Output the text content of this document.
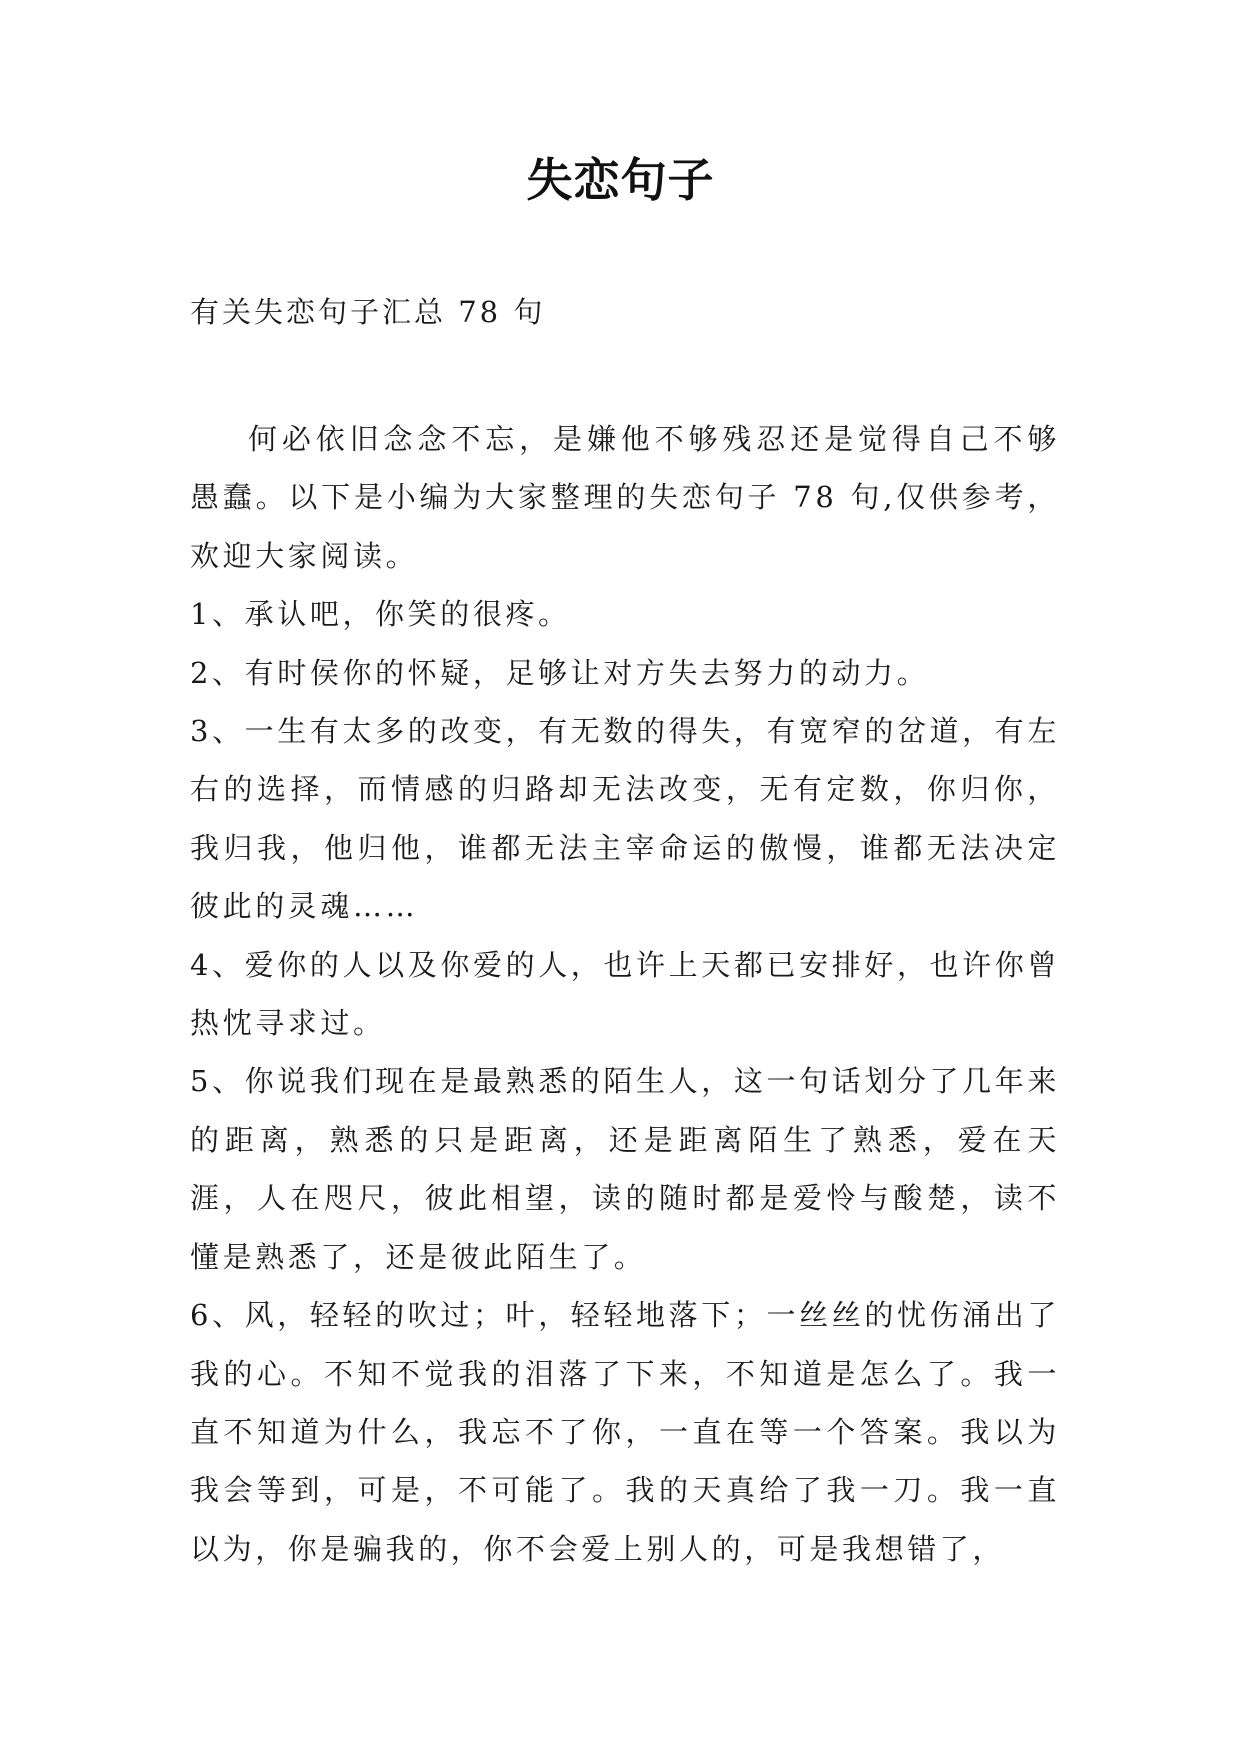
失恋句子
有关失恋句子汇总 78 句

何必依旧念念不忘，是嫌他不够残忍还是觉得自己不够愚蠢。以下是小编为大家整理的失恋句子 78 句,仅供参考，欢迎大家阅读。

1、承认吧，你笑的很疼。

2、有时侯你的怀疑，足够让对方失去努力的动力。

3、一生有太多的改变，有无数的得失，有宽窄的岔道，有左右的选择，而情感的归路却无法改变，无有定数，你归你，我归我，他归他，谁都无法主宰命运的傲慢，谁都无法决定彼此的灵魂……

4、爱你的人以及你爱的人，也许上天都已安排好，也许你曾热忱寻求过。

5、你说我们现在是最熟悉的陌生人，这一句话划分了几年来的距离，熟悉的只是距离，还是距离陌生了熟悉，爱在天涯，人在咫尺，彼此相望，读的随时都是爱怜与酸楚，读不懂是熟悉了，还是彼此陌生了。

6、风，轻轻的吹过；叶，轻轻地落下；一丝丝的忧伤涌出了我的心。不知不觉我的泪落了下来，不知道是怎么了。我一直不知道为什么，我忘不了你，一直在等一个答案。我以为我会等到，可是，不可能了。我的天真给了我一刀。我一直以为，你是骗我的，你不会爱上别人的，可是我想错了，
